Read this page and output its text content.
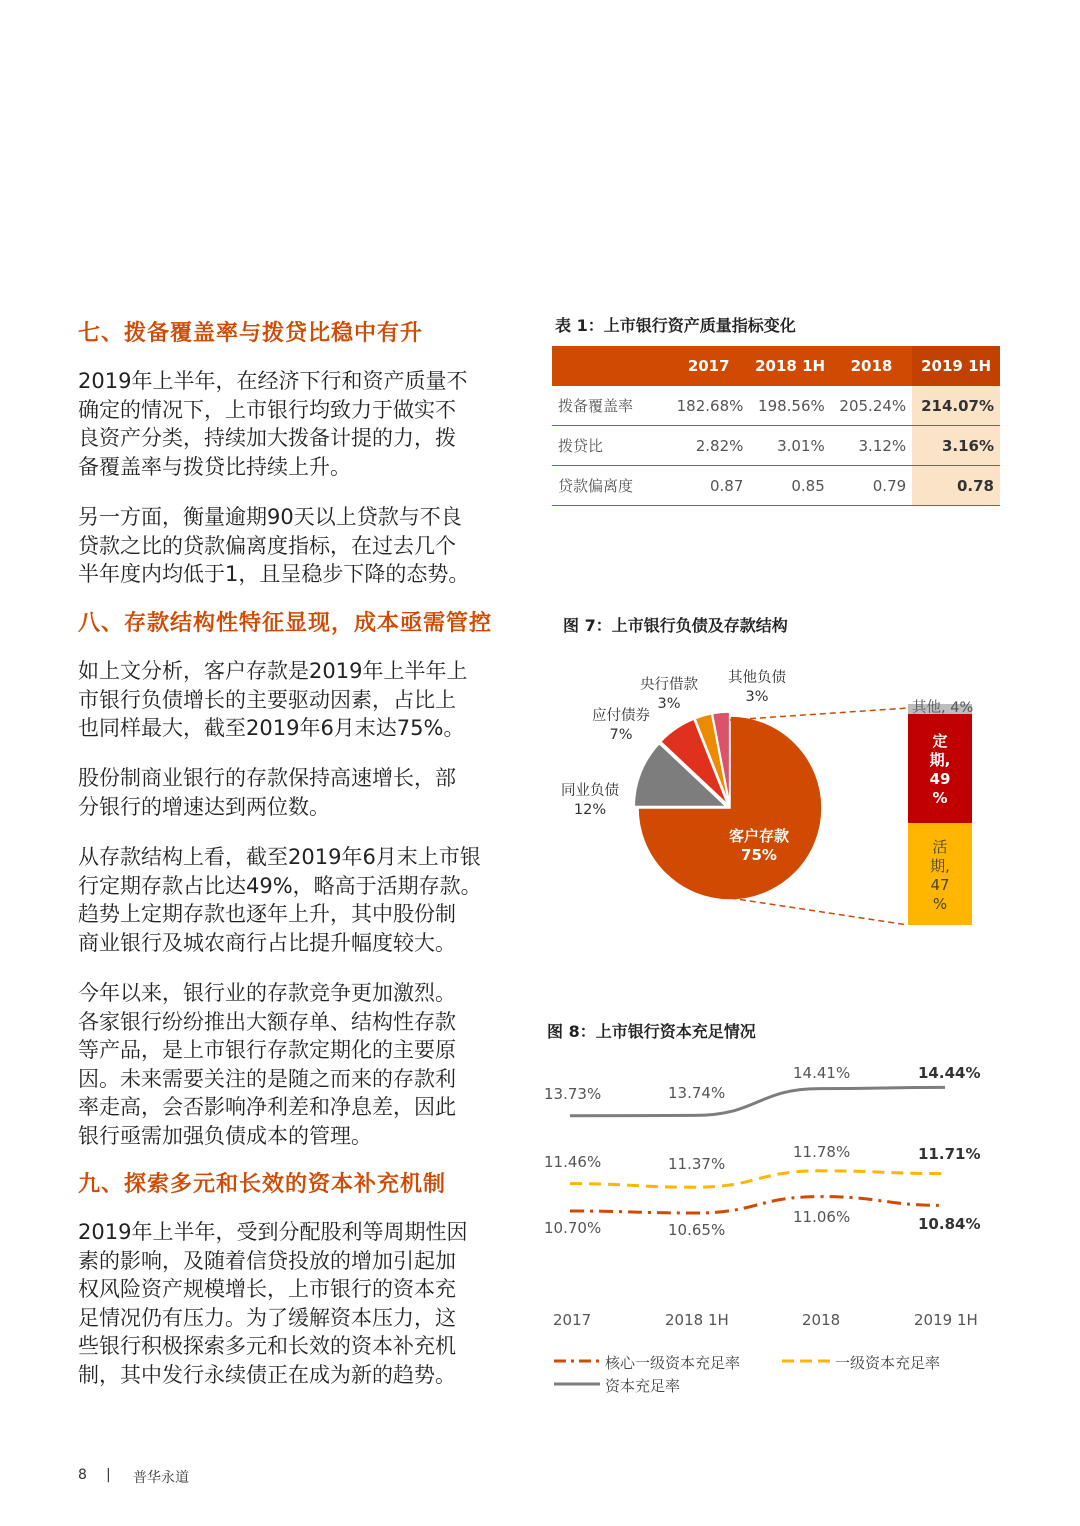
七、拨备覆盖率与拨贷比稳中有升
2019年上半年，在经济下行和资产质量不
确定的情况下，上市银行均致力于做实不
良资产分类，持续加大拨备计提的力，拨
备覆盖率与拨贷比持续上升。
另一方面，衡量逾期90天以上贷款与不良
贷款之比的贷款偏离度指标，在过去几个
半年度内均低于1，且呈稳步下降的态势。
八、存款结构性特征显现，成本亟需管控
如上文分析，客户存款是2019年上半年上
市银行负债增长的主要驱动因素，占比上
也同样最大，截至2019年6月末达75%。
股份制商业银行的存款保持高速增长，部
分银行的增速达到两位数。
从存款结构上看，截至2019年6月末上市银
行定期存款占比达49%，略高于活期存款。
趋势上定期存款也逐年上升，其中股份制
商业银行及城农商行占比提升幅度较大。
今年以来，银行业的存款竞争更加激烈。
各家银行纷纷推出大额存单、结构性存款
等产品，是上市银行存款定期化的主要原
因。未来需要关注的是随之而来的存款利
率走高，会否影响净利差和净息差，因此
银行亟需加强负债成本的管理。
九、探索多元和长效的资本补充机制
2019年上半年，受到分配股利等周期性因
素的影响，及随着信贷投放的增加引起加
权风险资产规模增长，上市银行的资本充
足情况仍有压力。为了缓解资本压力，这
些银行积极探索多元和长效的资本补充机
制，其中发行永续债正在成为新的趋势。
表 1：上市银行资产质量指标变化
	2017	2018 1H	2018	2019 1H
拨备覆盖率	182.68%	198.56%	205.24%	214.07%
拨贷比	2.82%	3.01%	3.12%	3.16%
贷款偏离度	0.87	0.85	0.79	0.78
图 7：上市银行负债及存款结构
央行借款
3%
其他负债
3%
应付债券
7%
同业负债
12%
客户存款
75%
其他, 4%
定
期,
49
%
活
期,
47
%
图 8：上市银行资本充足情况
13.73%	13.74%
14.41%	14.44%
11.46%	11.37%
11.78%	11.71%
10.70%	10.65%
11.06%	10.84%
2017	2018 1H	2018	2019 1H
核心一级资本充足率	一级资本充足率
资本充足率
8 | 普华永道
